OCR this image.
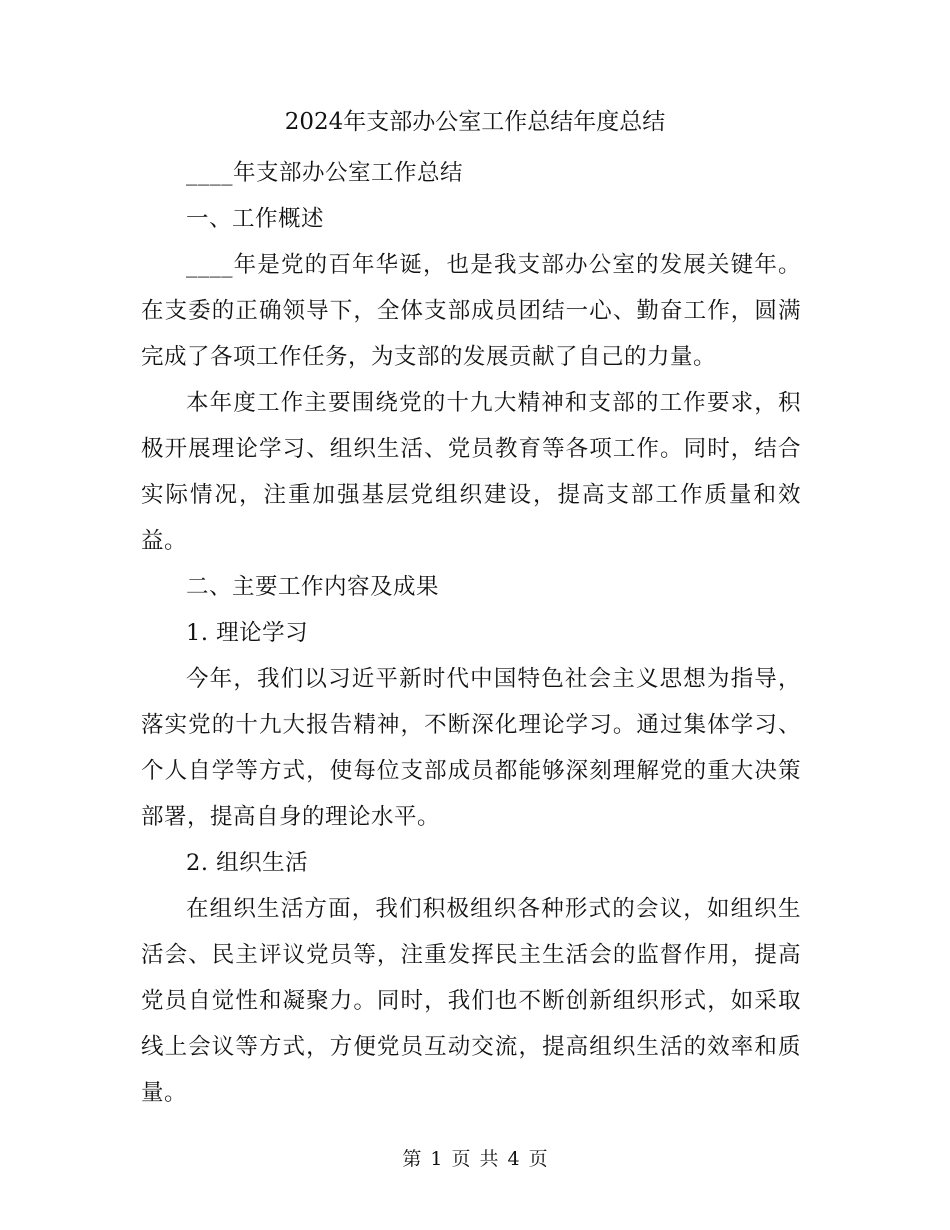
2024年支部办公室工作总结年度总结

____年支部办公室工作总结

一、工作概述

____年是党的百年华诞，也是我支部办公室的发展关键年。在支委的正确领导下，全体支部成员团结一心、勤奋工作，圆满完成了各项工作任务，为支部的发展贡献了自己的力量。

本年度工作主要围绕党的十九大精神和支部的工作要求，积极开展理论学习、组织生活、党员教育等各项工作。同时，结合实际情况，注重加强基层党组织建设，提高支部工作质量和效益。

二、主要工作内容及成果

1. 理论学习

今年，我们以习近平新时代中国特色社会主义思想为指导，落实党的十九大报告精神，不断深化理论学习。通过集体学习、个人自学等方式，使每位支部成员都能够深刻理解党的重大决策部署，提高自身的理论水平。

2. 组织生活

在组织生活方面，我们积极组织各种形式的会议，如组织生活会、民主评议党员等，注重发挥民主生活会的监督作用，提高党员自觉性和凝聚力。同时，我们也不断创新组织形式，如采取线上会议等方式，方便党员互动交流，提高组织生活的效率和质量。

第 1 页 共 4 页
